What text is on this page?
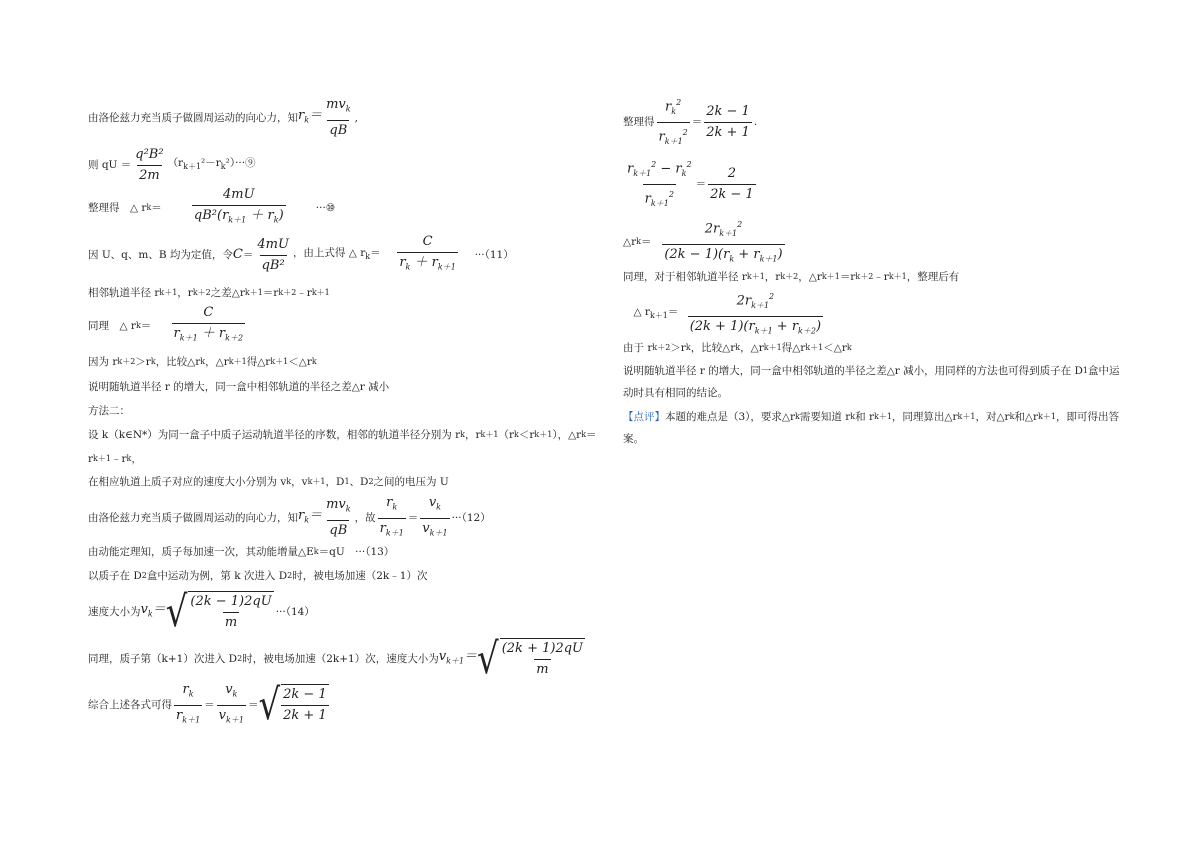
由洛伦兹力充当质子做圆周运动的向心力，知 $r_k= \frac{mv_k}{qB}$ ,
则 qU ＝ $\frac{\text{q²B²}}{2m}$ $(r_{k+1}^2-r_k^2)\cdot\cdot\cdot ⑨$
整理得　△ r $k = \frac{4mU}{qB^2(r_{k+1} + r_k)}$ ···⑩
因 U、q、m、B 均为定值，令 $C = \frac{4mU}{\text{qB²}}$ ，由上式得 △ $r_k= \frac{C}{r_k + r_{k+1}} \cdot\cdot\cdot(11)$
相邻轨道半径 r k＋1 ，r k＋2 之差△r k＋1 ＝r k＋2 ﹣r k＋1
同理　△ r $k = \frac{C}{r_{k+1} + r_{k+2}}$
因为 r k＋2 ＞r k ，比较△r k ，△r k＋1 得△r k＋1 ＜△r k
说明随轨道半径 r 的增大，同一盒中相邻轨道的半径之差△r 减小
方法二：
设 k（k∈N*）为同一盒子中质子运动轨道半径的序数，相邻的轨道半径分别为 r k ，r k＋1 （r k ＜r k＋1 ），△r k ＝
r k＋1 ﹣r k ，
在相应轨道上质子对应的速度大小分别为 v k ，v k＋1 ，D 1 、D 2 之间的电压为 U
由洛伦兹力充当质子做圆周运动的向心力，知 $r_k= \frac{mv_k}{qB}$ ，故 $\frac{r_k}{r_{k+1}} = \frac{v_k}{v_{k+1}} \cdot\cdot\cdot(12)$
由动能定理知，质子每加速一次，其动能增量△E k ＝qU　···（13）
以质子在 D 2 盒中运动为例，第 k 次进入 D 2 时，被电场加速（2k﹣1）次
速度大小为 $v_k=$ √ $\frac{(2k - 1)2qU}{m} \cdot\cdot\cdot(14)$
同理，质子第（k+1）次进入 D 2 时，被电场加速（2k+1）次，速度大小为 $v_{k+1}=$ √ $\frac{(2k + 1)2qU}{m}$
综合上述各式可得 $\frac{r_k}{r_{k+1}} = \frac{v_k}{v_{k+1}}$ ＝ √ $\frac{2k - 1}{2k + 1}$
整理得 $\frac{r_k^2}{r_{k+1}^2} = \frac{2k - 1}{2k + 1}$ .
$\frac{r_{k+1}^2 - r_k^2}{r_{k+1}^2} = \frac{2}{2k - 1}$
△r $k = \frac{2r_{k+1}^2}{(2k - 1)(r_k + r_{k+1})}$
同理，对于相邻轨道半径 r k＋1 ，r k＋2 ，△r k＋1 ＝r k＋2 ﹣r k＋1 ，整理后有
　△ $r_{k+1}= \frac{2r_{k+1}^2}{(2k + 1)(r_{k+1} + r_{k+2})}$
由于 r k＋2 ＞r k ，比较△r k ，△r k＋1 得△r k＋1 ＜△r k
说明随轨道半径 r 的增大，同一盒中相邻轨道的半径之差△r 减小，用同样的方法也可得到质子在 D 1 盒中运
动时具有相同的结论。
【点评】 本题的难点是（3），要求△r k 需要知道 r k 和 r k＋1 ，同理算出△r k＋1 ，对△r k 和△r k＋1 ，即可得出答
案。
